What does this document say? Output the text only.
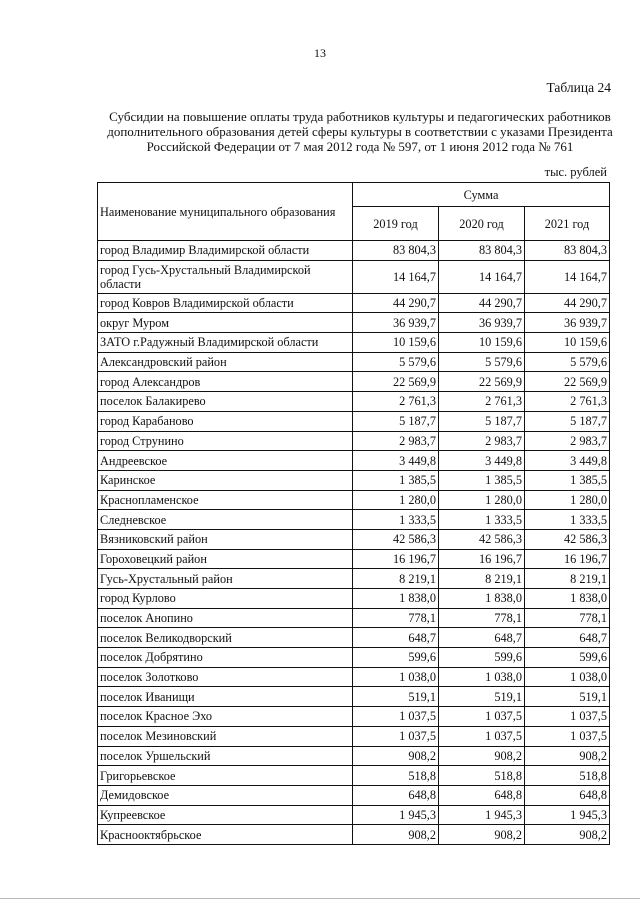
13
Таблица 24
Субсидии на повышение оплаты труда работников культуры и педагогических работников дополнительного образования детей сферы культуры в соответствии с указами Президента Российской Федерации от 7 мая 2012 года № 597, от 1 июня 2012 года № 761
тыс. рублей
Наименование муниципального образования	Сумма		
	2019 год	2020 год	2021 год
город Владимир Владимирской области	83 804,3	83 804,3	83 804,3
город Гусь-Хрустальный Владимирской области	14 164,7	14 164,7	14 164,7
город Ковров Владимирской области	44 290,7	44 290,7	44 290,7
округ Муром	36 939,7	36 939,7	36 939,7
ЗАТО г.Радужный Владимирской области	10 159,6	10 159,6	10 159,6
Александровский район	5 579,6	5 579,6	5 579,6
город Александров	22 569,9	22 569,9	22 569,9
поселок Балакирево	2 761,3	2 761,3	2 761,3
город Карабаново	5 187,7	5 187,7	5 187,7
город Струнино	2 983,7	2 983,7	2 983,7
Андреевское	3 449,8	3 449,8	3 449,8
Каринское	1 385,5	1 385,5	1 385,5
Краснопламенское	1 280,0	1 280,0	1 280,0
Следневское	1 333,5	1 333,5	1 333,5
Вязниковский район	42 586,3	42 586,3	42 586,3
Гороховецкий район	16 196,7	16 196,7	16 196,7
Гусь-Хрустальный район	8 219,1	8 219,1	8 219,1
город Курлово	1 838,0	1 838,0	1 838,0
поселок Анопино	778,1	778,1	778,1
поселок Великодворский	648,7	648,7	648,7
поселок Добрятино	599,6	599,6	599,6
поселок Золотково	1 038,0	1 038,0	1 038,0
поселок Иванищи	519,1	519,1	519,1
поселок Красное Эхо	1 037,5	1 037,5	1 037,5
поселок Мезиновский	1 037,5	1 037,5	1 037,5
поселок Уршельский	908,2	908,2	908,2
Григорьевское	518,8	518,8	518,8
Демидовское	648,8	648,8	648,8
Купреевское	1 945,3	1 945,3	1 945,3
Краснооктябрьское	908,2	908,2	908,2
